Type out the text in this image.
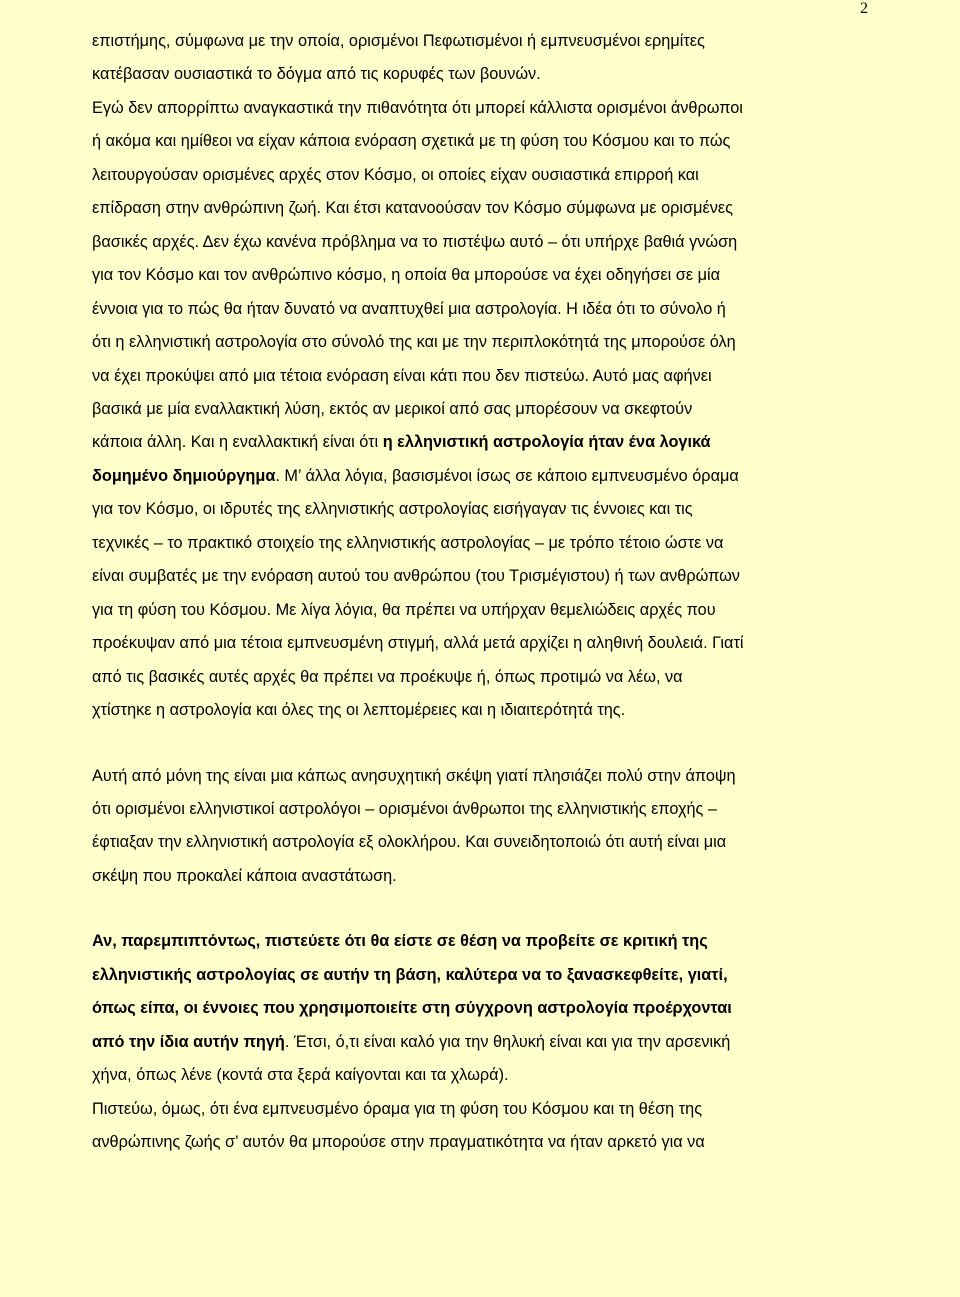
2
επιστήμης, σύμφωνα με την οποία, ορισμένοι Πεφωτισμένοι ή εμπνευσμένοι ερημίτες
κατέβασαν ουσιαστικά το δόγμα από τις κορυφές των βουνών.
Εγώ δεν απορρίπτω αναγκαστικά την πιθανότητα ότι μπορεί κάλλιστα ορισμένοι άνθρωποι
ή ακόμα και ημίθεοι να είχαν κάποια ενόραση σχετικά με τη φύση του Κόσμου και το πώς
λειτουργούσαν ορισμένες αρχές στον Κόσμο, οι οποίες είχαν ουσιαστικά επιρροή και
επίδραση στην ανθρώπινη ζωή. Και έτσι κατανοούσαν τον Κόσμο σύμφωνα με ορισμένες
βασικές αρχές. Δεν έχω κανένα πρόβλημα να το πιστέψω αυτό – ότι υπήρχε βαθιά γνώση
για τον Κόσμο και τον ανθρώπινο κόσμο, η οποία θα μπορούσε να έχει οδηγήσει σε μία
έννοια για το πώς θα ήταν δυνατό να αναπτυχθεί μια αστρολογία. Η ιδέα ότι το σύνολο ή
ότι η ελληνιστική αστρολογία στο σύνολό της και με την περιπλοκότητά της μπορούσε όλη
να έχει προκύψει από μια τέτοια ενόραση είναι κάτι που δεν πιστεύω. Αυτό μας αφήνει
βασικά με μία εναλλακτική λύση, εκτός αν μερικοί από σας μπορέσουν να σκεφτούν
κάποια άλλη. Και η εναλλακτική είναι ότι η ελληνιστική αστρολογία ήταν ένα λογικά
δομημένο δημιούργημα. Μ’ άλλα λόγια, βασισμένοι ίσως σε κάποιο εμπνευσμένο όραμα
για τον Κόσμο, οι ιδρυτές της ελληνιστικής αστρολογίας εισήγαγαν τις έννοιες και τις
τεχνικές – το πρακτικό στοιχείο της ελληνιστικής αστρολογίας – με τρόπο τέτοιο ώστε να
είναι συμβατές με την ενόραση αυτού του ανθρώπου (του Τρισμέγιστου) ή των ανθρώπων
για τη φύση του Κόσμου. Με λίγα λόγια, θα πρέπει να υπήρχαν θεμελιώδεις αρχές που
προέκυψαν από μια τέτοια εμπνευσμένη στιγμή, αλλά μετά αρχίζει η αληθινή δουλειά. Γιατί
από τις βασικές αυτές αρχές θα πρέπει να προέκυψε ή, όπως προτιμώ να λέω, να
χτίστηκε η αστρολογία και όλες της οι λεπτομέρειες και η ιδιαιτερότητά της.
Αυτή από μόνη της είναι μια κάπως ανησυχητική σκέψη γιατί πλησιάζει πολύ στην άποψη
ότι ορισμένοι ελληνιστικοί αστρολόγοι – ορισμένοι άνθρωποι της ελληνιστικής εποχής –
έφτιαξαν την ελληνιστική αστρολογία εξ ολοκλήρου. Και συνειδητοποιώ ότι αυτή είναι μια
σκέψη που προκαλεί κάποια αναστάτωση.
Αν, παρεμπιπτόντως, πιστεύετε ότι θα είστε σε θέση να προβείτε σε κριτική της
ελληνιστικής αστρολογίας σε αυτήν τη βάση, καλύτερα να το ξανασκεφθείτε, γιατί,
όπως είπα, οι έννοιες που χρησιμοποιείτε στη σύγχρονη αστρολογία προέρχονται
από την ίδια αυτήν πηγή. Έτσι, ό,τι είναι καλό για την θηλυκή είναι και για την αρσενική
χήνα, όπως λένε (κοντά στα ξερά καίγονται και τα χλωρά).
Πιστεύω, όμως, ότι ένα εμπνευσμένο όραμα για τη φύση του Κόσμου και τη θέση της
ανθρώπινης ζωής σ’ αυτόν θα μπορούσε στην πραγματικότητα να ήταν αρκετό για να
